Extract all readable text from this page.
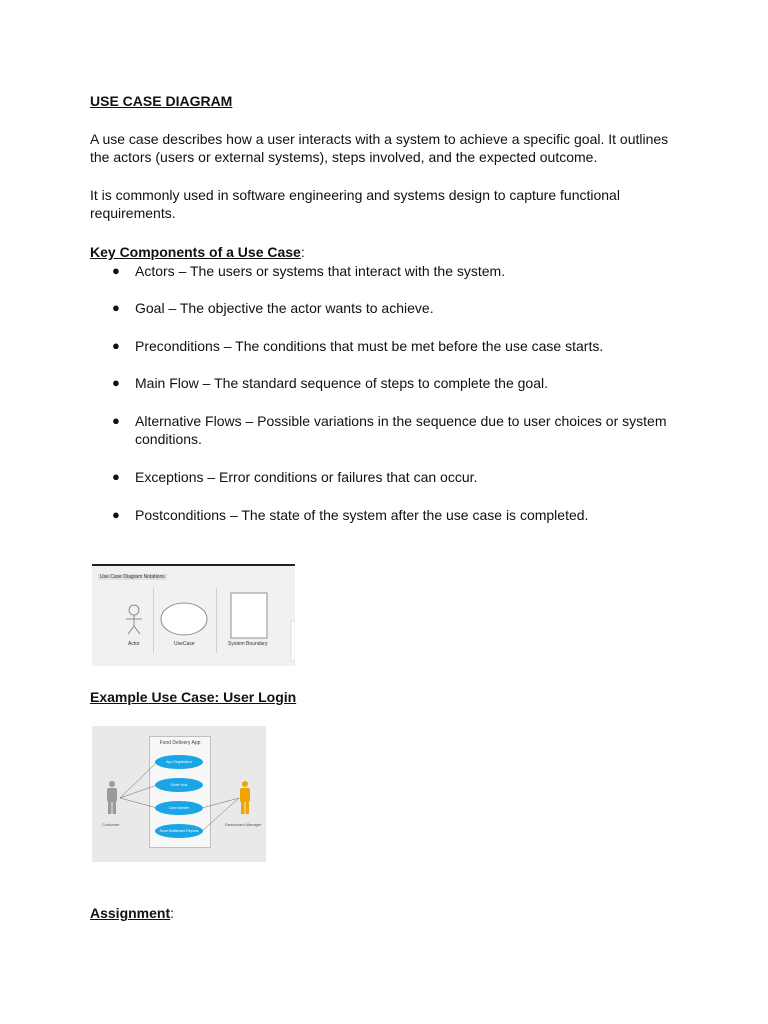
USE CASE DIAGRAM
A use case describes how a user interacts with a system to achieve a specific goal. It outlines
the actors (users or external systems), steps involved, and the expected outcome.
It is commonly used in software engineering and systems design to capture functional
requirements.
Key Components of a Use Case:
● Actors – The users or systems that interact with the system.
● Goal – The objective the actor wants to achieve.
● Preconditions – The conditions that must be met before the use case starts.
● Main Flow – The standard sequence of steps to complete the goal.
● Alternative Flows – Possible variations in the sequence due to user choices or system
conditions.
● Exceptions – Error conditions or failures that can occur.
● Postconditions – The state of the system after the use case is completed.
Use Case Diagram Notations
Actor	UseCase	System Boundary
Example Use Case: User Login
Food Delivery App
App Registration
Order food
Card transfer
Send Settlement Reports
Customer	Restaurant Manager
Assignment:
